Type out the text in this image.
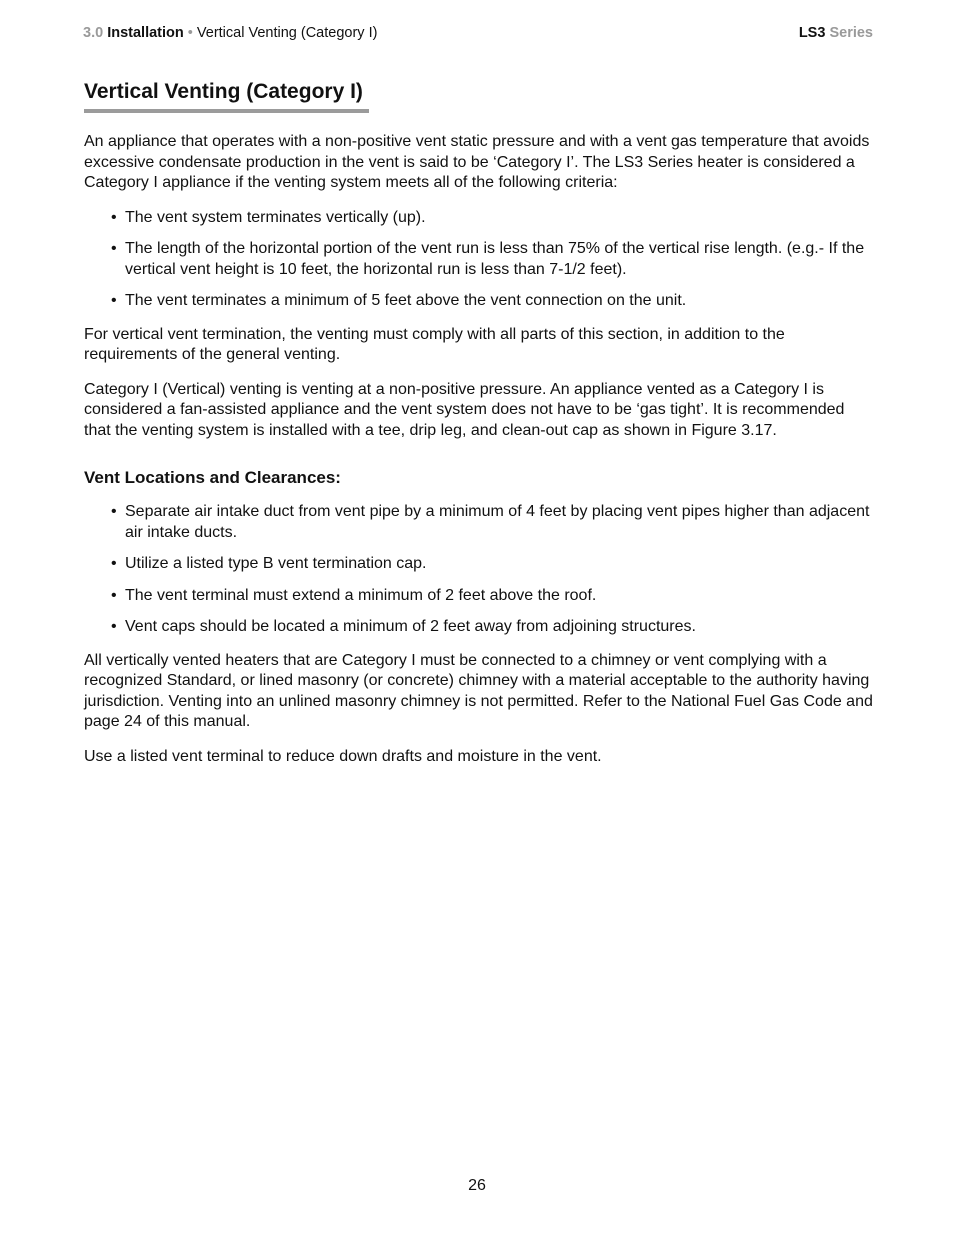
3.0 Installation • Vertical Venting (Category I)	LS3 Series
Vertical Venting (Category I)

An appliance that operates with a non-positive vent static pressure and with a vent gas temperature that avoids excessive condensate production in the vent is said to be ‘Category I’. The LS3 Series heater is considered a Category I appliance if the venting system meets all of the following criteria:

• The vent system terminates vertically (up).
• The length of the horizontal portion of the vent run is less than 75% of the vertical rise length. (e.g.- If the vertical vent height is 10 feet, the horizontal run is less than 7-1/2 feet).
• The vent terminates a minimum of 5 feet above the vent connection on the unit.

For vertical vent termination, the venting must comply with all parts of this section, in addition to the requirements of the general venting.

Category I (Vertical) venting is venting at a non-positive pressure. An appliance vented as a Category I is considered a fan-assisted appliance and the vent system does not have to be ‘gas tight’. It is recommended that the venting system is installed with a tee, drip leg, and clean-out cap as shown in Figure 3.17.

Vent Locations and Clearances:
• Separate air intake duct from vent pipe by a minimum of 4 feet by placing vent pipes higher than adjacent air intake ducts.
• Utilize a listed type B vent termination cap.
• The vent terminal must extend a minimum of 2 feet above the roof.
• Vent caps should be located a minimum of 2 feet away from adjoining structures.

All vertically vented heaters that are Category I must be connected to a chimney or vent complying with a recognized Standard, or lined masonry (or concrete) chimney with a material acceptable to the authority having jurisdiction. Venting into an unlined masonry chimney is not permitted. Refer to the National Fuel Gas Code and page 24 of this manual.

Use a listed vent terminal to reduce down drafts and moisture in the vent.

26
